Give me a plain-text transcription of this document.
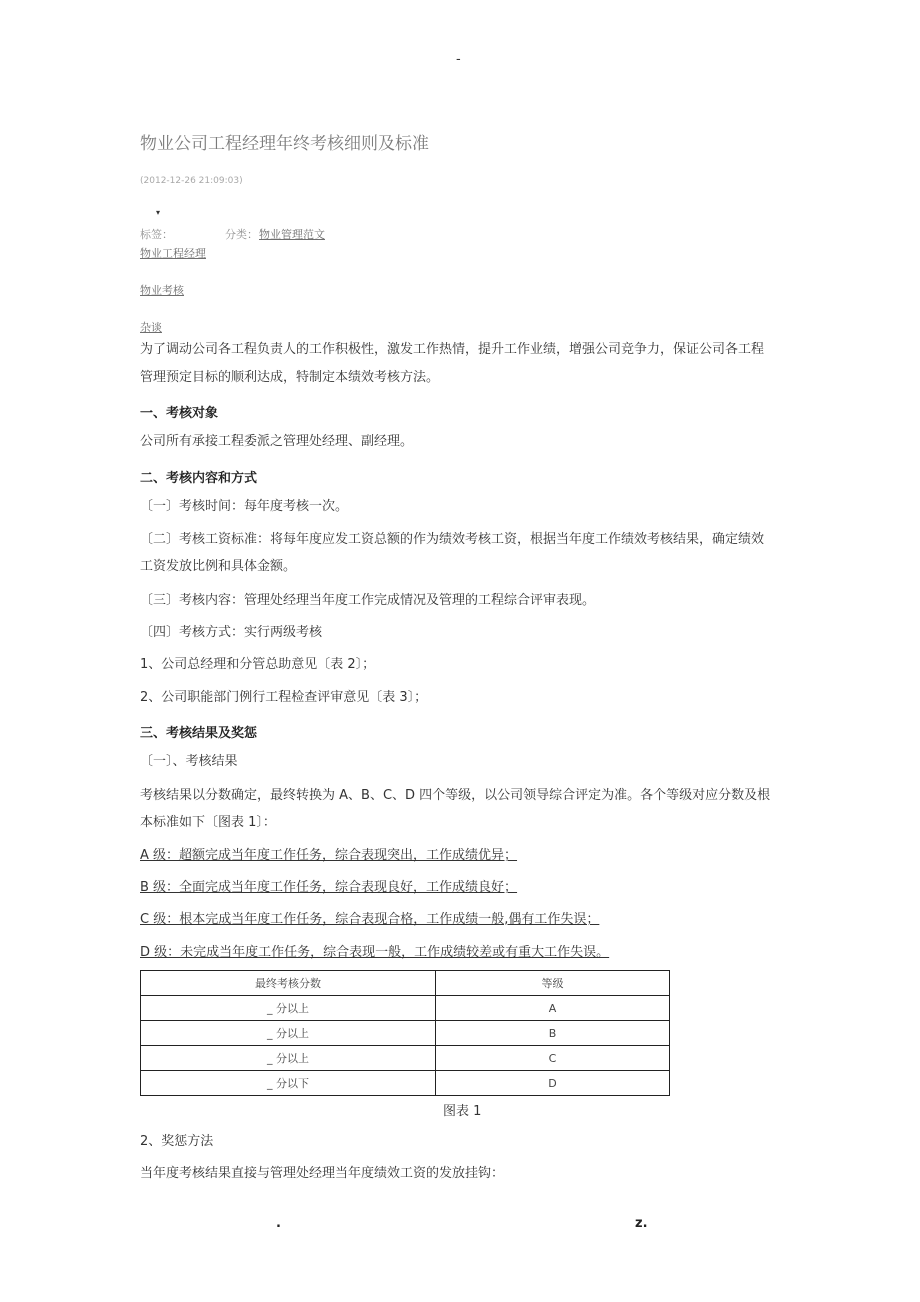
-
物业公司工程经理年终考核细则及标准
(2012-12-26 21:09:03)
▾
标签：	分类： 物业管理范文
物业工程经理
物业考核
杂谈
为了调动公司各工程负责人的工作积极性，激发工作热情，提升工作业绩，增强公司竞争力，保证公司各工程
管理预定目标的顺利达成，特制定本绩效考核方法。
一、考核对象
公司所有承接工程委派之管理处经理、副经理。
二、考核内容和方式
〔一〕考核时间：每年度考核一次。
〔二〕考核工资标准：将每年度应发工资总额的作为绩效考核工资，根据当年度工作绩效考核结果，确定绩效
工资发放比例和具体金额。
〔三〕考核内容：管理处经理当年度工作完成情况及管理的工程综合评审表现。
〔四〕考核方式：实行两级考核
1、公司总经理和分管总助意见〔表 2〕；
2、公司职能部门例行工程检查评审意见〔表 3〕；
三、考核结果及奖惩
〔一〕、考核结果
考核结果以分数确定，最终转换为 A、B、C、D 四个等级，以公司领导综合评定为准。各个等级对应分数及根
本标准如下〔图表 1〕：
A 级：超额完成当年度工作任务，综合表现突出，工作成绩优异；
B 级：全面完成当年度工作任务，综合表现良好，工作成绩良好；
C 级：根本完成当年度工作任务，综合表现合格，工作成绩一般,偶有工作失误；
D 级：未完成当年度工作任务，综合表现一般，工作成绩较差或有重大工作失误。
最终考核分数	等级
_ 分以上	A
_ 分以上	B
_ 分以上	C
_ 分以下	D
图表 1
2、奖惩方法
当年度考核结果直接与管理处经理当年度绩效工资的发放挂钩：
.	z.
